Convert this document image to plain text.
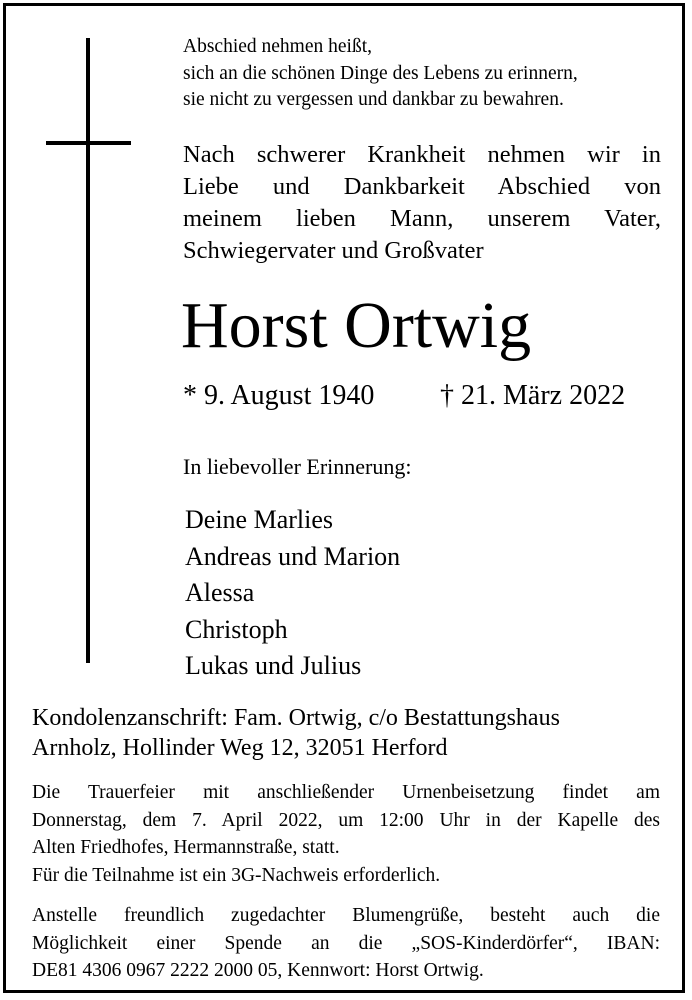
Abschied nehmen heißt,
sich an die schönen Dinge des Lebens zu erinnern,
sie nicht zu vergessen und dankbar zu bewahren.
Nach schwerer Krankheit nehmen wir in
Liebe und Dankbarkeit Abschied von
meinem lieben Mann, unserem Vater,
Schwiegervater und Großvater
Horst Ortwig
* 9. August 1940 † 21. März 2022
In liebevoller Erinnerung:
Deine Marlies
Andreas und Marion
Alessa
Christoph
Lukas und Julius
Kondolenzanschrift: Fam. Ortwig, c/o Bestattungshaus
Arnholz, Hollinder Weg 12, 32051 Herford
Die Trauerfeier mit anschließender Urnenbeisetzung findet am
Donnerstag, dem 7. April 2022, um 12:00 Uhr in der Kapelle des
Alten Friedhofes, Hermannstraße, statt.
Für die Teilnahme ist ein 3G-Nachweis erforderlich.
Anstelle freundlich zugedachter Blumengrüße, besteht auch die
Möglichkeit einer Spende an die „SOS-Kinderdörfer“, IBAN:
DE81 4306 0967 2222 2000 05, Kennwort: Horst Ortwig.
